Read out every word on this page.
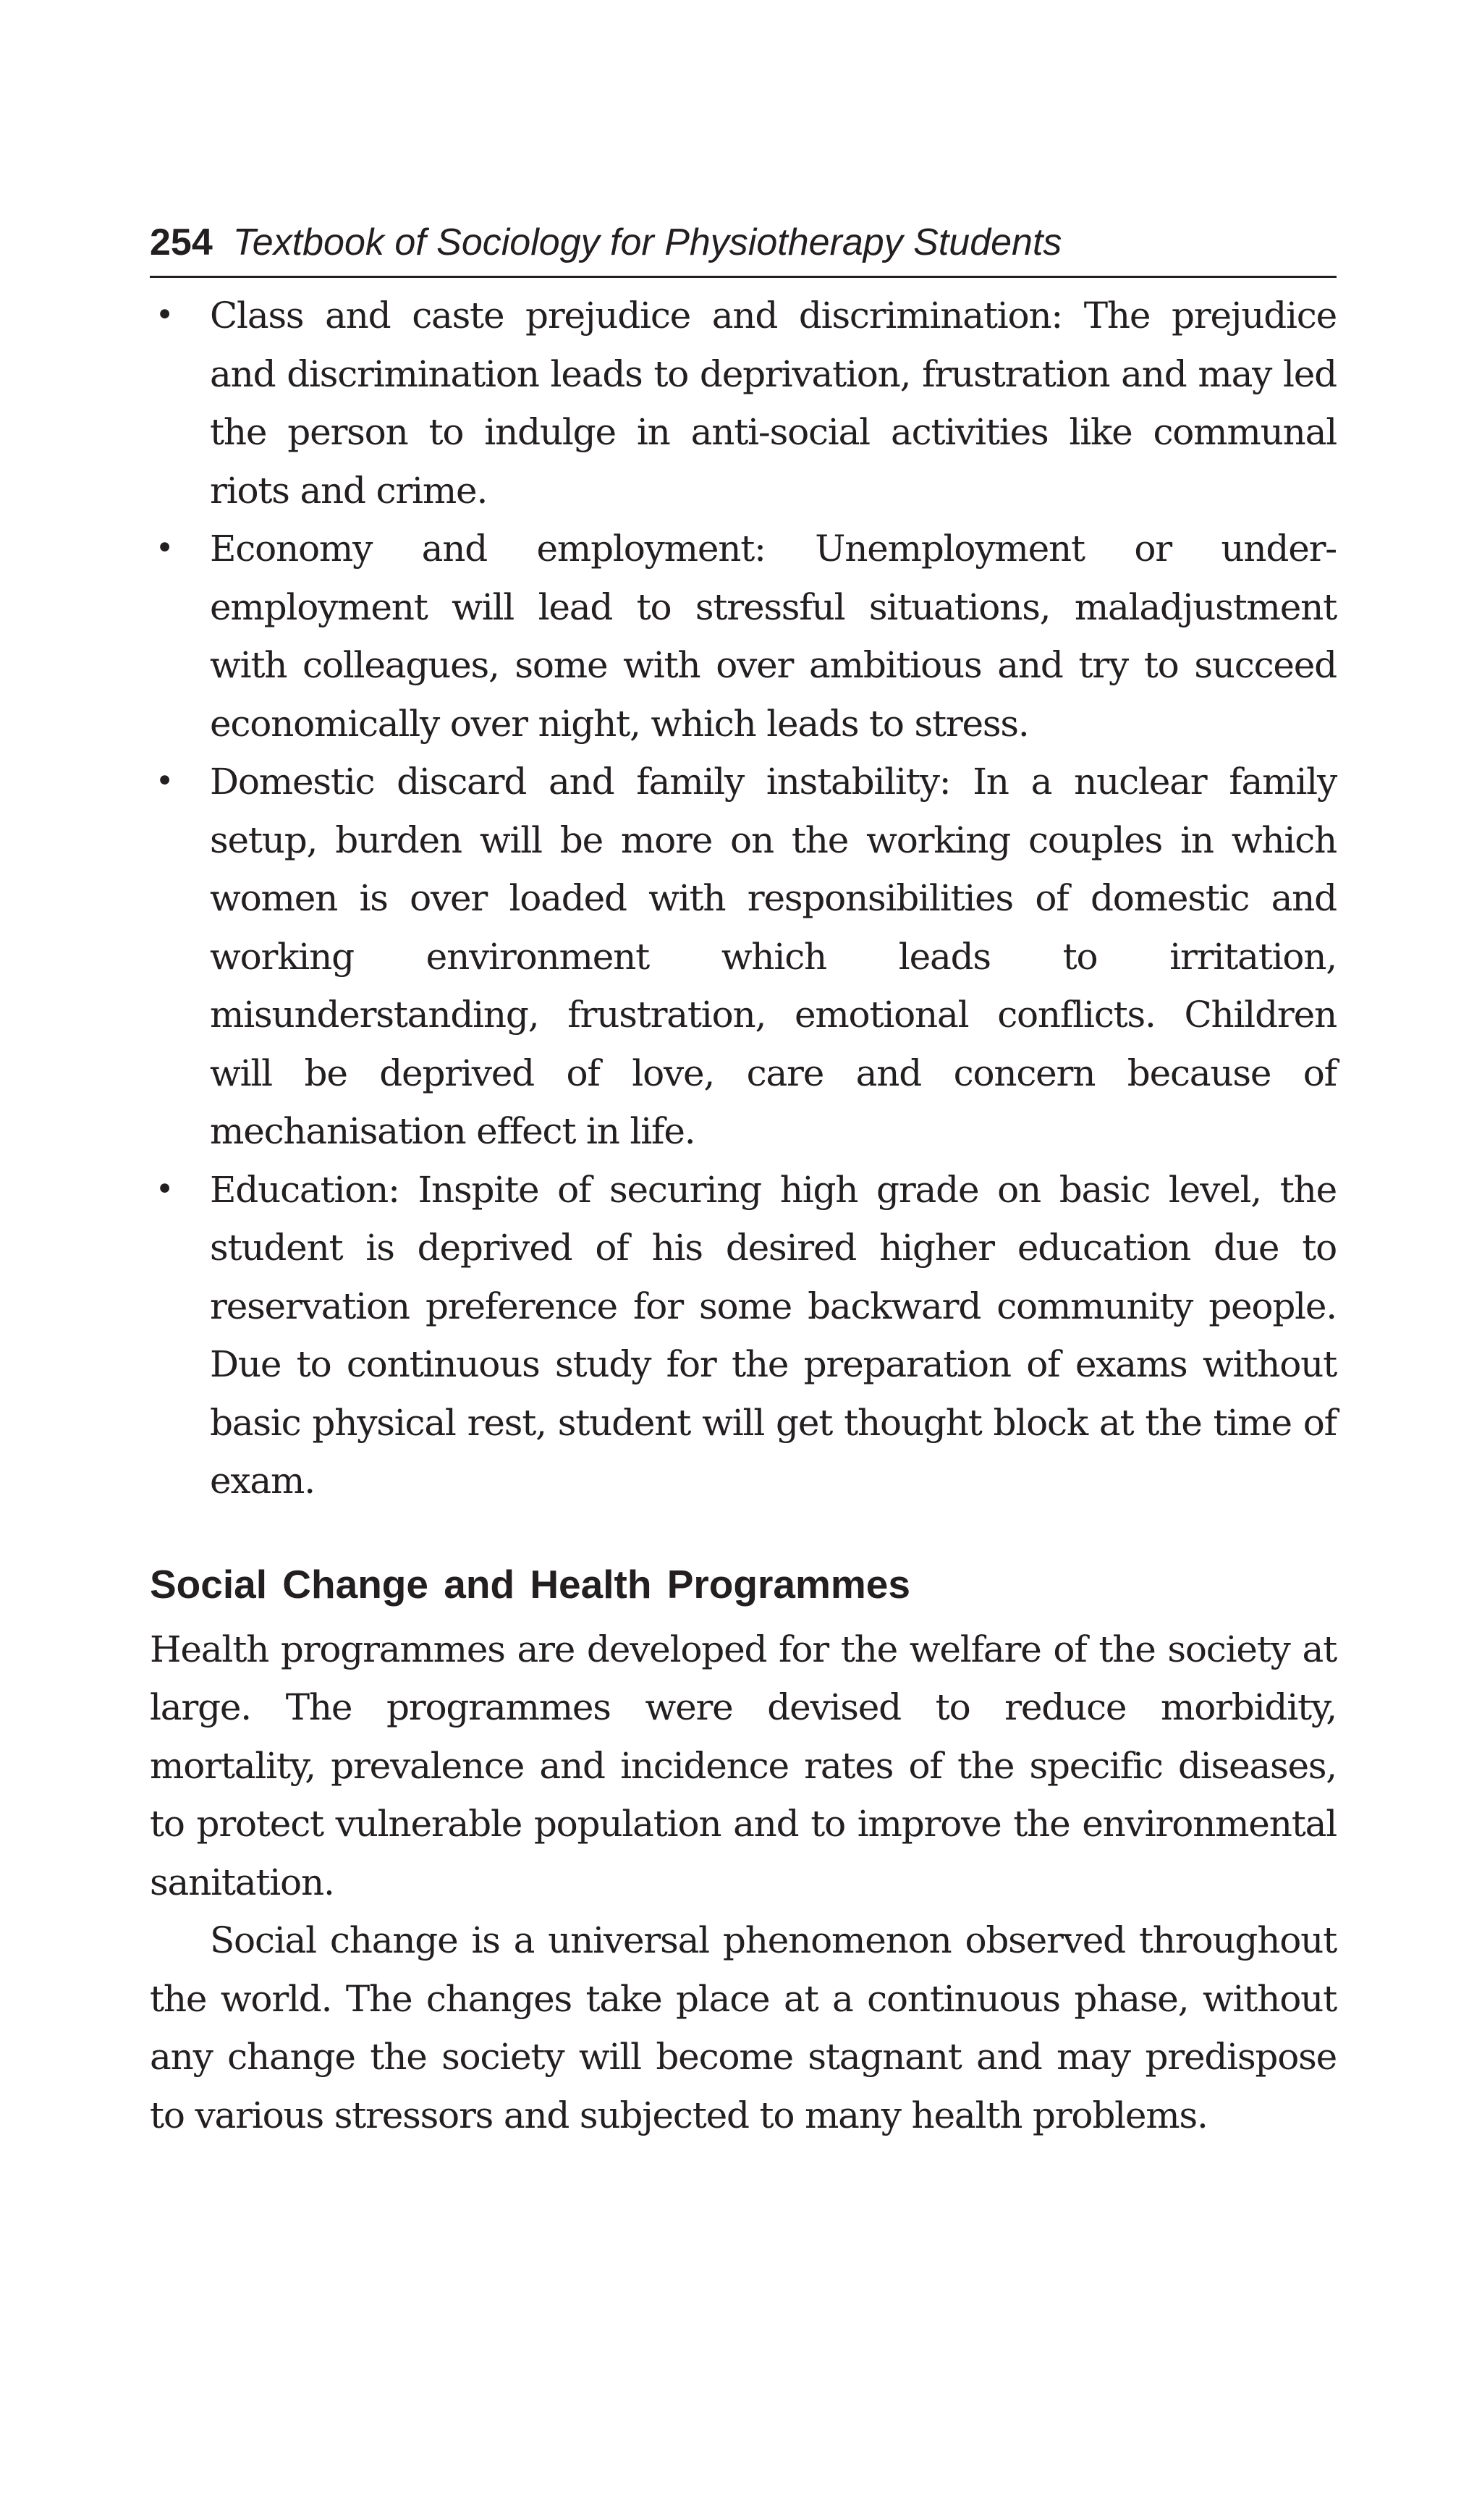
254 Textbook of Sociology for Physiotherapy Students
• Class and caste prejudice and discrimination: The prejudice and discrimination leads to deprivation, frustration and may led the person to indulge in anti-social activities like communal riots and crime.
• Economy and employment: Unemployment or under-employment will lead to stressful situations, maladjustment with colleagues, some with over ambitious and try to succeed economically over night, which leads to stress.
• Domestic discard and family instability: In a nuclear family setup, burden will be more on the working couples in which women is over loaded with responsibilities of domestic and working environment which leads to irritation, misunderstanding, frustration, emotional conflicts. Children will be deprived of love, care and concern because of mechanisation effect in life.
• Education: Inspite of securing high grade on basic level, the student is deprived of his desired higher education due to reservation preference for some backward community people. Due to continuous study for the preparation of exams without basic physical rest, student will get thought block at the time of exam.
Social Change and Health Programmes

Health programmes are developed for the welfare of the society at large. The programmes were devised to reduce morbidity, mortality, prevalence and incidence rates of the specific diseases, to protect vulnerable population and to improve the environmental sanitation.

Social change is a universal phenomenon observed throughout the world. The changes take place at a continuous phase, without any change the society will become stagnant and may predispose to various stressors and subjected to many health problems.
